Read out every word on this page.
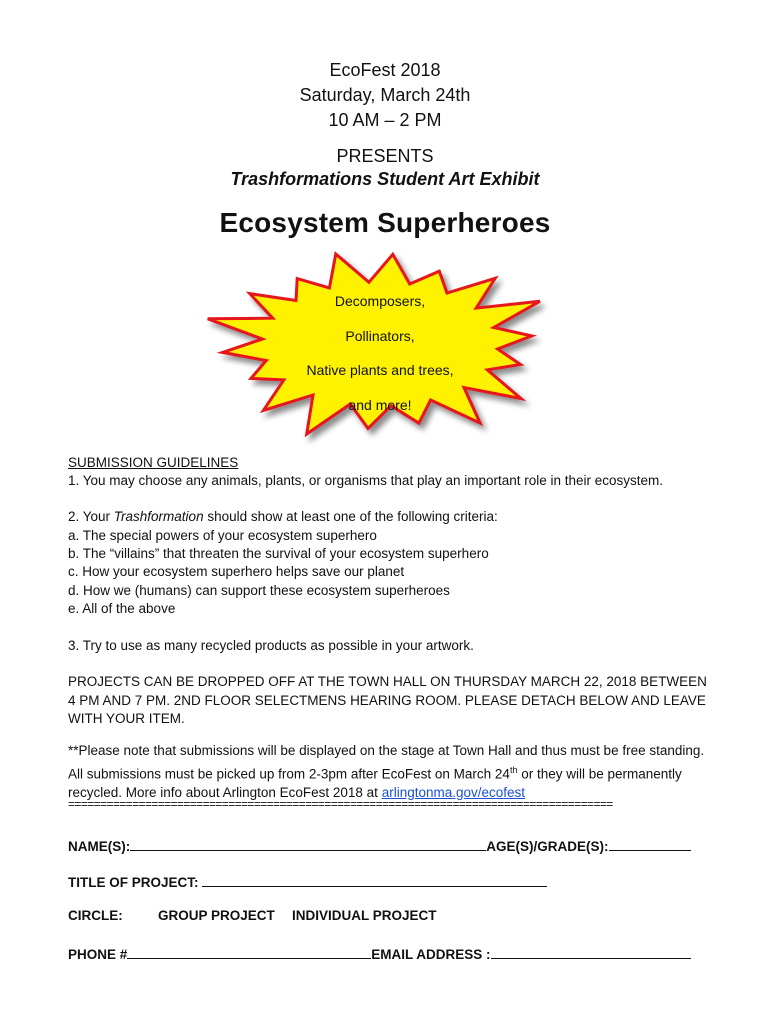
EcoFest 2018
Saturday, March 24th
10 AM – 2 PM
PRESENTS
Trashformations Student Art Exhibit
Ecosystem Superheroes
Decomposers,
Pollinators,
Native plants and trees,
and more!
SUBMISSION GUIDELINES
1. You may choose any animals, plants, or organisms that play an important role in their ecosystem.
2. Your Trashformation should show at least one of the following criteria:
a. The special powers of your ecosystem superhero
b. The “villains” that threaten the survival of your ecosystem superhero
c. How your ecosystem superhero helps save our planet
d. How we (humans) can support these ecosystem superheroes
e. All of the above
3. Try to use as many recycled products as possible in your artwork.
PROJECTS CAN BE DROPPED OFF AT THE TOWN HALL ON THURSDAY MARCH 22, 2018 BETWEEN 4 PM AND 7 PM. 2ND FLOOR SELECTMENS HEARING ROOM. PLEASE DETACH BELOW AND LEAVE WITH YOUR ITEM.
**Please note that submissions will be displayed on the stage at Town Hall and thus must be free standing. All submissions must be picked up from 2-3pm after EcoFest on March 24th or they will be permanently recycled. More info about Arlington EcoFest 2018 at arlingtonma.gov/ecofest
=====================================================================================
NAME(S):	AGE(S)/GRADE(S):
TITLE OF PROJECT:
CIRCLE:	GROUP PROJECT INDIVIDUAL PROJECT
PHONE #	EMAIL ADDRESS :
